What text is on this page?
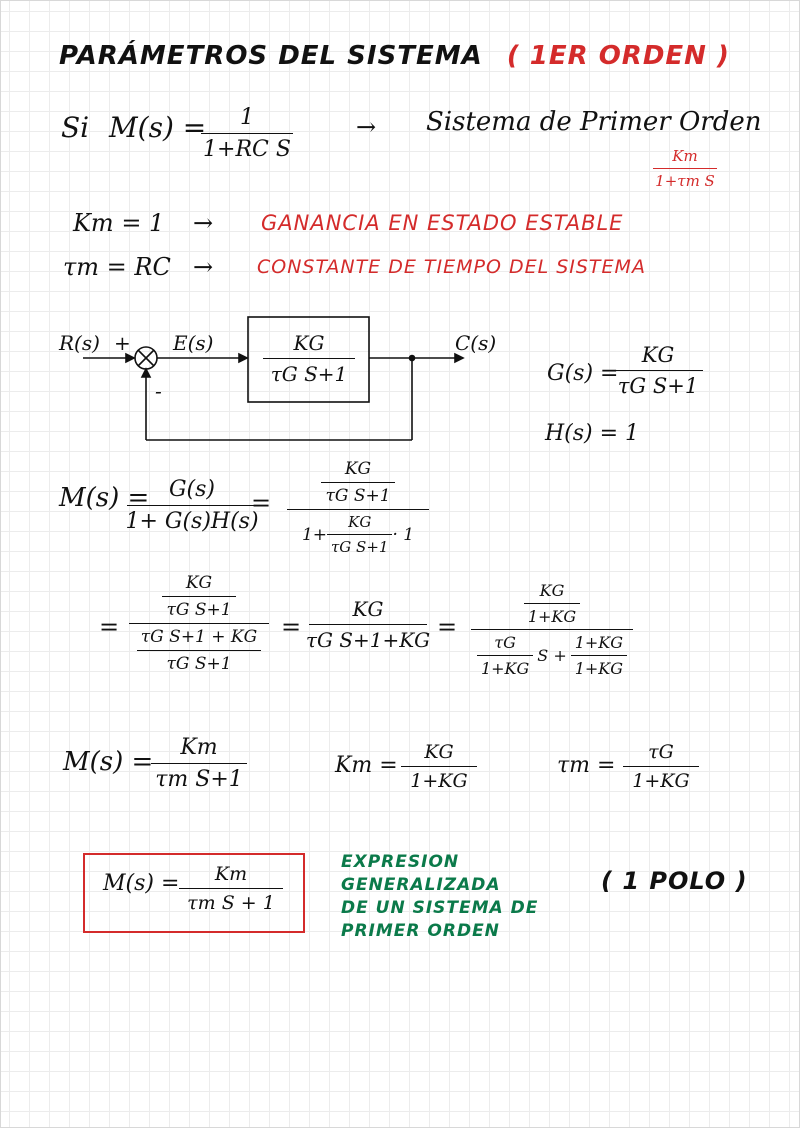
PARÁMETROS DEL SISTEMA ( 1ER ORDEN )
Si M(s) = 1
1+RC S
→ Sistema de Primer Orden
Km
1+τm S
Km = 1 → GANANCIA EN ESTADO ESTABLE
τm = RC → CONSTANTE DE TIEMPO DEL SISTEMA
R(s) +
-
E(s)	KG
τG S+1
C(s)
G(s) =
KG
τG S+1
H(s) = 1
M(s) = G(s)
1+ G(s)H(s)
=	$\frac{KG}{\text{τG S+1}}$
$1+ \frac{KG}{\text{τG S+1}} \cdot 1$
=
$\frac{KG}{\text{τG S+1}}$
$\frac{\text{τG S+1 + KG}}{\text{τG S+1}}$ =
KG
τG S+1+KG =
$\frac{KG}{1+KG}$
$\frac{\tau G}{1+KG}$ $S + \frac{1+KG}{1+KG}$
M(s) = Km
τm S+1
Km =
KG
1+KG
τm =
τG
1+KG
M(s) = Km
τm S + 1
EXPRESION
GENERALIZADA
DE UN SISTEMA DE
PRIMER ORDEN
( 1 POLO )
